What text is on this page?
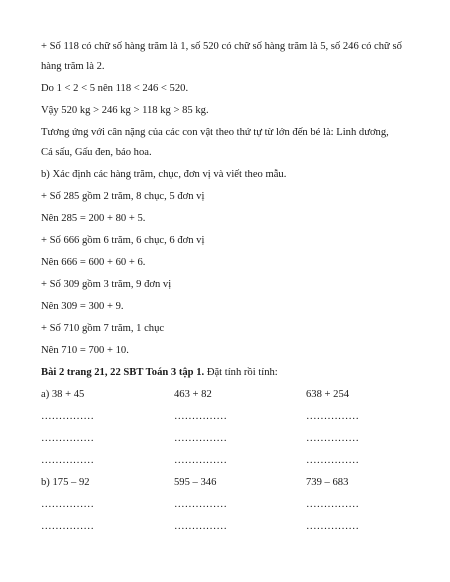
+ Số 118 có chữ số hàng trăm là 1, số 520 có chữ số hàng trăm là 5, số 246 có chữ số
hàng trăm là 2.
Do 1 < 2 < 5 nên 118 < 246 < 520.
Vậy 520 kg > 246 kg > 118 kg > 85 kg.
Tương ứng với cân nặng của các con vật theo thứ tự từ lớn đến bé là: Linh dương,
Cá sấu, Gấu đen, báo hoa.
b) Xác định các hàng trăm, chục, đơn vị và viết theo mẫu.
+ Số 285 gồm 2 trăm, 8 chục, 5 đơn vị
Nên 285 = 200 + 80 + 5.
+ Số 666 gồm 6 trăm, 6 chục, 6 đơn vị
Nên 666 = 600 + 60 + 6.
+ Số 309 gồm 3 trăm, 9 đơn vị
Nên 309 = 300 + 9.
+ Số 710 gồm 7 trăm, 1 chục
Nên 710 = 700 + 10.
Bài 2 trang 21, 22 SBT Toán 3 tập 1. Đặt tính rồi tính:
a) 38 + 45	463 + 82	638 + 254
……………	……………	……………
……………	……………	……………
……………	……………	……………
b) 175 – 92	595 – 346	739 – 683
……………	……………	……………
……………	……………	……………
